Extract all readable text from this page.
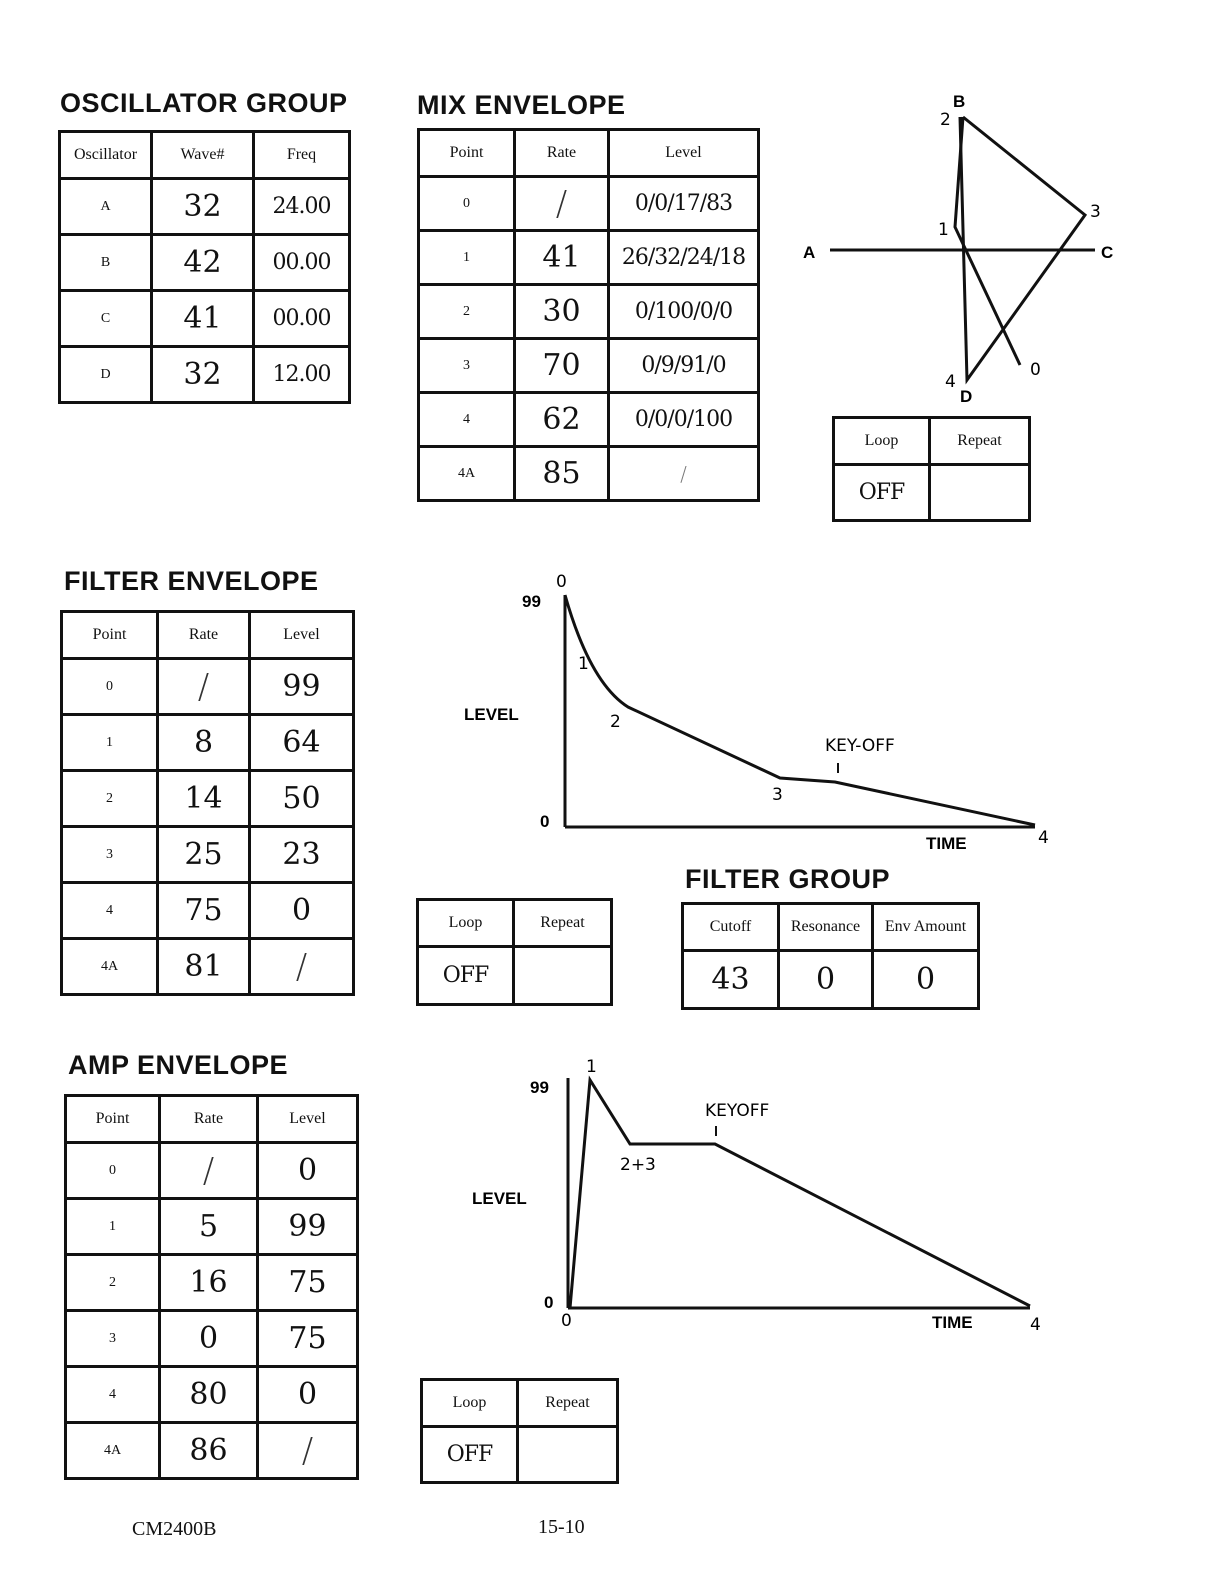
OSCILLATOR GROUP
Oscillator	Wave#	Freq
A	32	24.00
B	42	00.00
C	41	00.00
D	32	12.00
MIX ENVELOPE
Point	Rate	Level
0	/	0/0/17/83
1	41	26/32/24/18
2	30	0/100/0/0
3	70	0/9/91/0
4	62	0/0/0/100
4A	85	/
B
A	C
D
0
1
2
3
4
Loop	Repeat
OFF	
FILTER ENVELOPE
Point	Rate	Level
0	/	99
1	8	64
2	14	50
3	25	23
4	75	0
4A	81	/
99
0
LEVEL
TIME
KEY-OFF
0
1
2
3
4
Loop	Repeat
OFF	
FILTER GROUP
Cutoff	Resonance	Env Amount
43	0	0
AMP ENVELOPE
Point	Rate	Level
0	/	0
1	5	99
2	16	75
3	0	75
4	80	0
4A	86	/
99
0
LEVEL
TIME
KEYOFF
1
2+3
0	4
Loop	Repeat
OFF	
CM2400B	15-10
